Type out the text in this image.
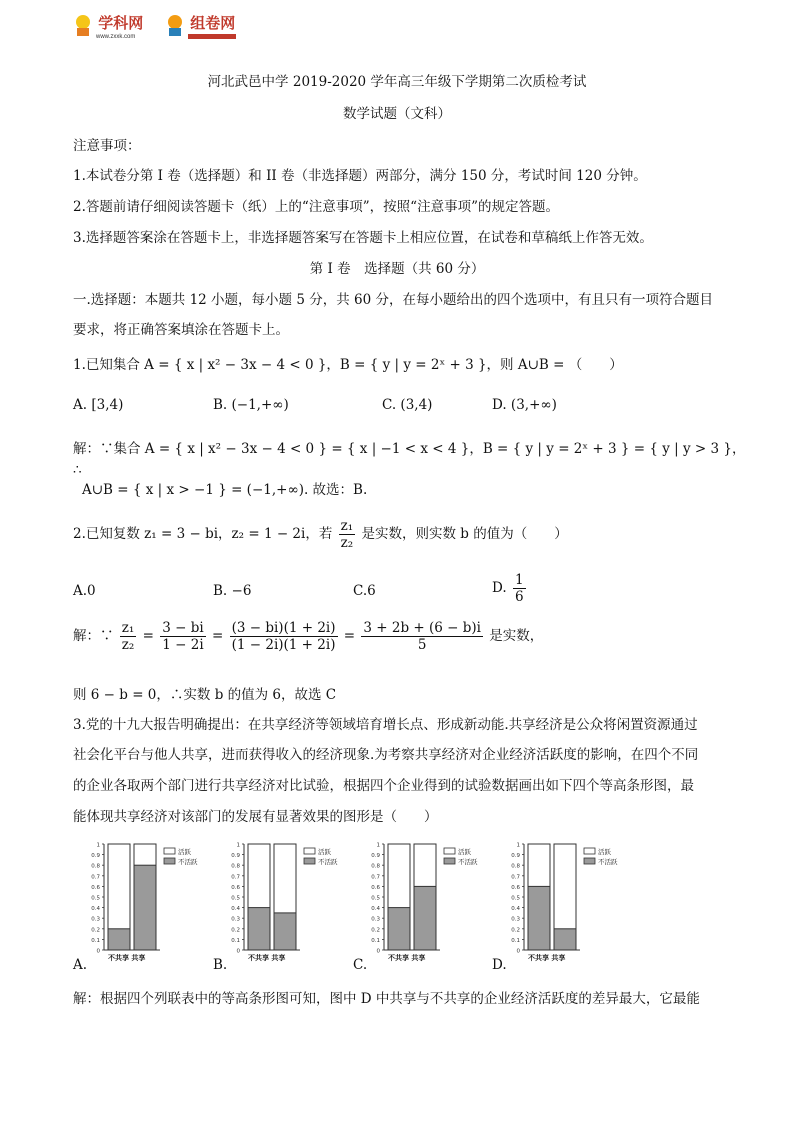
学科网
www.zxxk.com
组卷网
河北武邑中学 2019-2020 学年高三年级下学期第二次质检考试
数学试题（文科）
注意事项：
1.本试卷分第 I 卷（选择题）和 II 卷（非选择题）两部分，满分 150 分，考试时间 120 分钟。
2.答题前请仔细阅读答题卡（纸）上的“注意事项”，按照“注意事项”的规定答题。
3.选择题答案涂在答题卡上，非选择题答案写在答题卡上相应位置，在试卷和草稿纸上作答无效。
第 I 卷　选择题（共 60 分）
一.选择题：本题共 12 小题，每小题 5 分，共 60 分，在每小题给出的四个选项中，有且只有一项符合题目
要求，将正确答案填涂在答题卡上。
1.已知集合 A = { x | x² − 3x − 4 < 0 }，B = { y | y = 2ˣ + 3 }，则 A∪B = （　　）
A. [3,4)	B. (−1,+∞)	C. (3,4)	D. (3,+∞)
解：∵集合 A = { x | x² − 3x − 4 < 0 } = { x | −1 < x < 4 }，B = { y | y = 2ˣ + 3 } = { y | y > 3 }，
∴
A∪B = { x | x > −1 } = (−1,+∞). 故选：B.
2.已知复数 z₁ = 3 − bi，z₂ = 1 − 2i，若 $\frac{\text{z₁}}{\text{z₂}}$ 是实数，则实数 b 的值为（　　）
A.0	B. −6	C.6	D. $\frac{1}{6}$
解：∵ $\frac{\text{z₁}}{\text{z₂}} = \frac{3 - bi}{1 - 2i} = \frac{(3 - bi)(1 + 2i)}{(1 - 2i)(1 + 2i)} = \frac{3 + 2b + (6 - b)i}{5}$ 是实数，
则 6 − b = 0，∴实数 b 的值为 6，故选 C
3.党的十九大报告明确提出：在共享经济等领域培育增长点、形成新动能.共享经济是公众将闲置资源通过
社会化平台与他人共享，进而获得收入的经济现象.为考察共享经济对企业经济活跃度的影响，在四个不同
的企业各取两个部门进行共享经济对比试验，根据四个企业得到的试验数据画出如下四个等高条形图，最
能体现共享经济对该部门的发展有显著效果的图形是（　　）
0
0.1
0.2
0.3
0.4
0.5
0.6
0.7
0.8
0.9
1
不共享 共享
活跃
不活跃
0
0.1
0.2
0.3
0.4
0.5
0.6
0.7
0.8
0.9
1
不共享 共享
活跃
不活跃
0
0.1
0.2
0.3
0.4
0.5
0.6
0.7
0.8
0.9
1
不共享 共享
活跃
不活跃
0
0.1
0.2
0.3
0.4
0.5
0.6
0.7
0.8
0.9
1
不共享 共享
活跃
不活跃
A.	B.	C.	D.
解：根据四个列联表中的等高条形图可知，图中 D 中共享与不共享的企业经济活跃度的差异最大，它最能
